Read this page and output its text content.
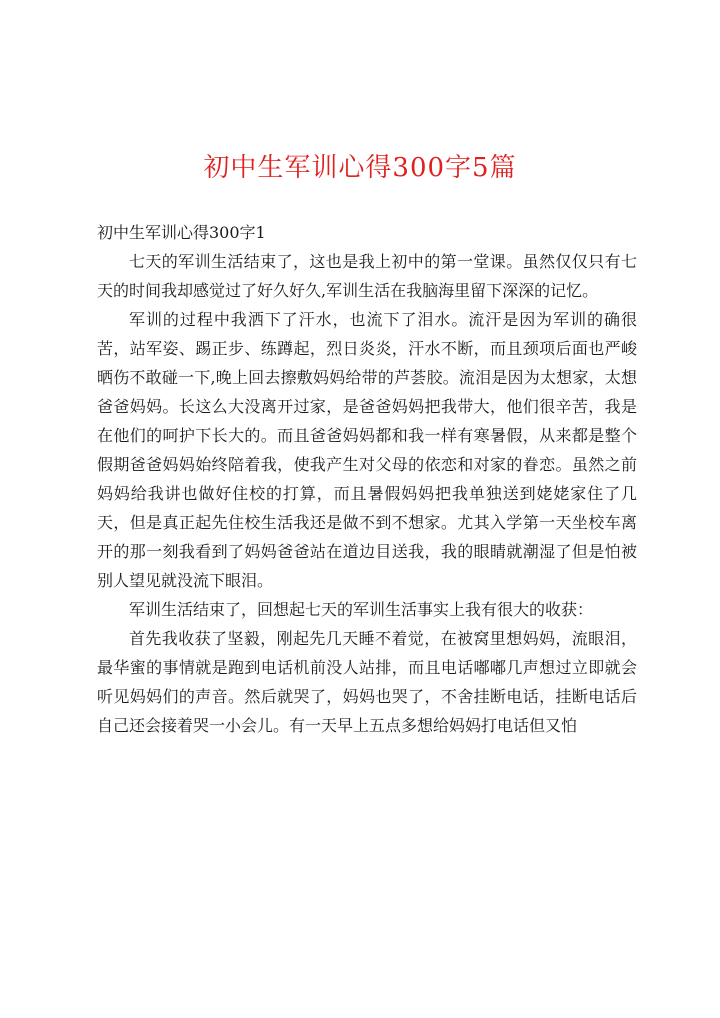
初中生军训心得300字5篇

初中生军训心得300字1

七天的军训生活结束了，这也是我上初中的第一堂课。虽然仅仅只有七天的时间我却感觉过了好久好久,军训生活在我脑海里留下深深的记忆。

军训的过程中我洒下了汗水，也流下了泪水。流汗是因为军训的确很苦，站军姿、踢正步、练蹲起，烈日炎炎，汗水不断，而且颈项后面也严峻晒伤不敢碰一下,晚上回去擦敷妈妈给带的芦荟胶。流泪是因为太想家，太想爸爸妈妈。长这么大没离开过家，是爸爸妈妈把我带大，他们很辛苦，我是在他们的呵护下长大的。而且爸爸妈妈都和我一样有寒暑假，从来都是整个假期爸爸妈妈始终陪着我，使我产生对父母的依恋和对家的眷恋。虽然之前妈妈给我讲也做好住校的打算，而且暑假妈妈把我单独送到姥姥家住了几天，但是真正起先住校生活我还是做不到不想家。尤其入学第一天坐校车离开的那一刻我看到了妈妈爸爸站在道边目送我，我的眼睛就潮湿了但是怕被别人望见就没流下眼泪。

军训生活结束了，回想起七天的军训生活事实上我有很大的收获：

首先我收获了坚毅，刚起先几天睡不着觉，在被窝里想妈妈，流眼泪，最华蜜的事情就是跑到电话机前没人站排，而且电话嘟嘟几声想过立即就会听见妈妈们的声音。然后就哭了，妈妈也哭了，不舍挂断电话，挂断电话后自己还会接着哭一小会儿。有一天早上五点多想给妈妈打电话但又怕
